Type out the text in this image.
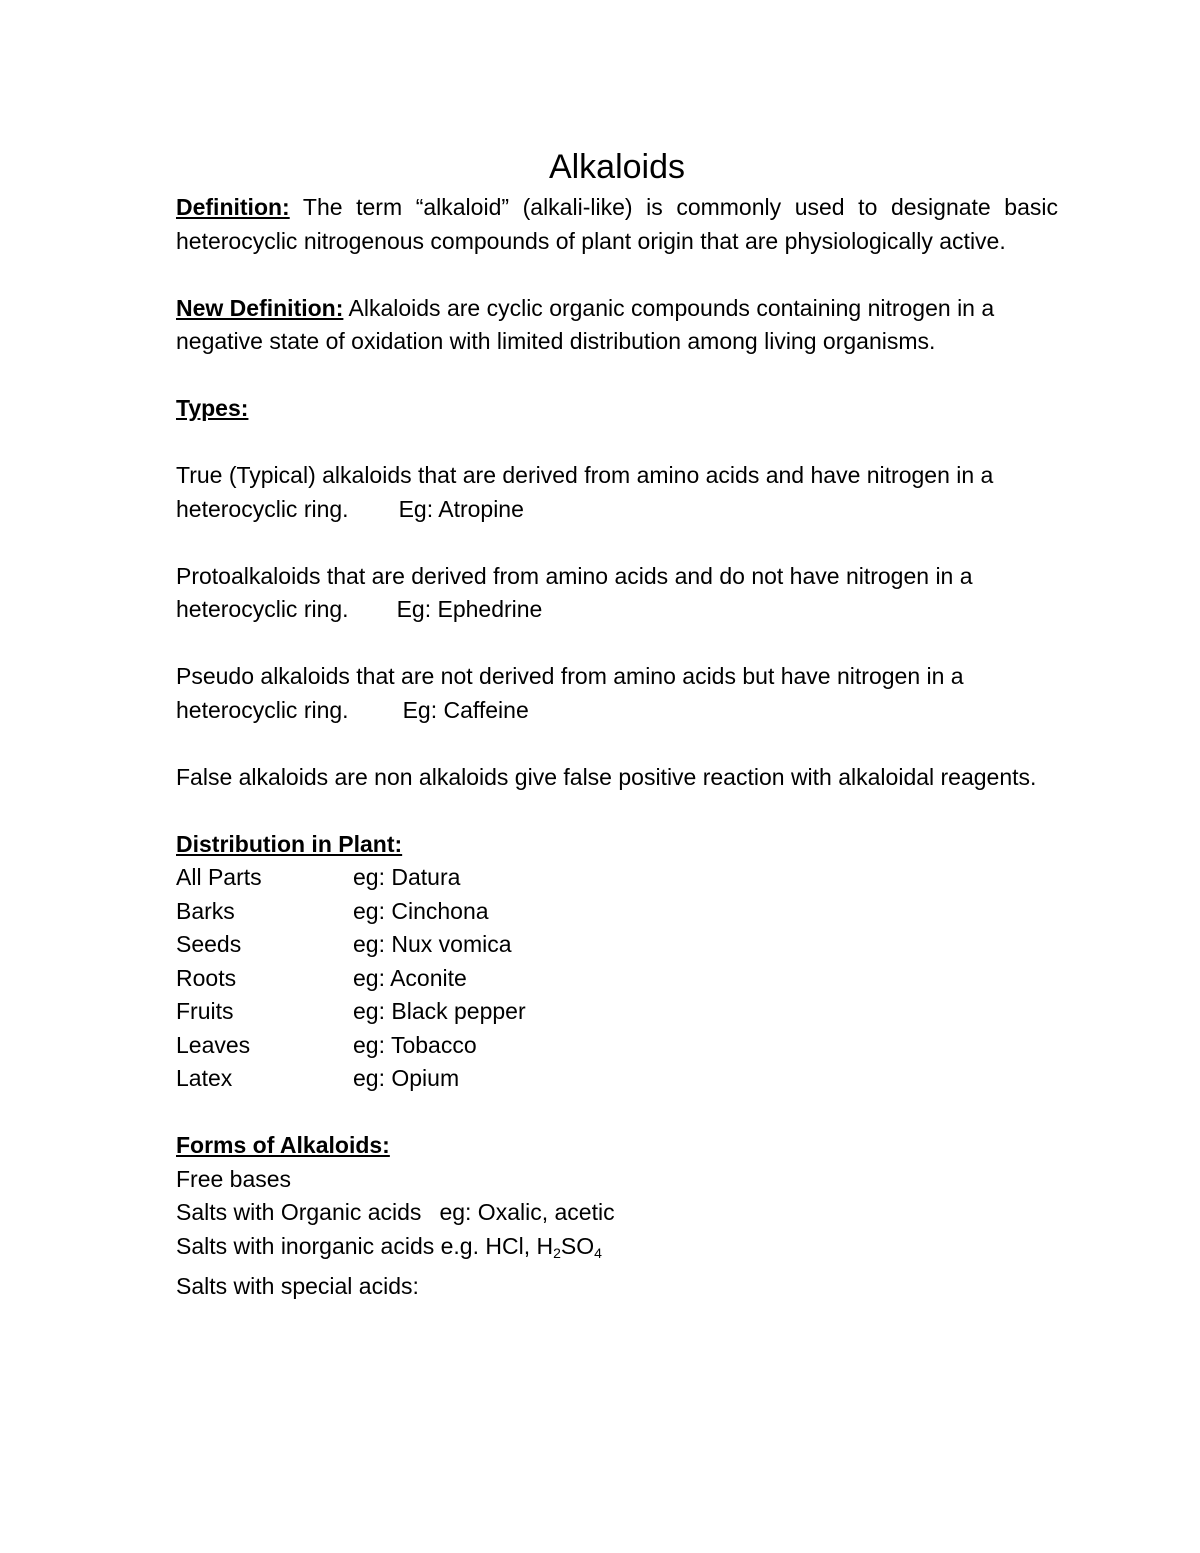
Alkaloids

Definition: The term “alkaloid” (alkali-like) is commonly used to designate basic heterocyclic nitrogenous compounds of plant origin that are physiologically active.

New Definition: Alkaloids are cyclic organic compounds containing nitrogen in a negative state of oxidation with limited distribution among living organisms.

Types:

True (Typical) alkaloids that are derived from amino acids and have nitrogen in a heterocyclic ring. Eg: Atropine

Protoalkaloids that are derived from amino acids and do not have nitrogen in a heterocyclic ring. Eg: Ephedrine

Pseudo alkaloids that are not derived from amino acids but have nitrogen in a heterocyclic ring. Eg: Caffeine

False alkaloids are non alkaloids give false positive reaction with alkaloidal reagents.

Distribution in Plant:

All Parts	eg: Datura
Barks	eg: Cinchona
Seeds	eg: Nux vomica
Roots	eg: Aconite
Fruits	eg: Black pepper
Leaves	eg: Tobacco
Latex	eg: Opium

Forms of Alkaloids:

Free bases
Salts with Organic acids eg: Oxalic, acetic
Salts with inorganic acids e.g. HCl, $H_2SO_4$
Salts with special acids:
